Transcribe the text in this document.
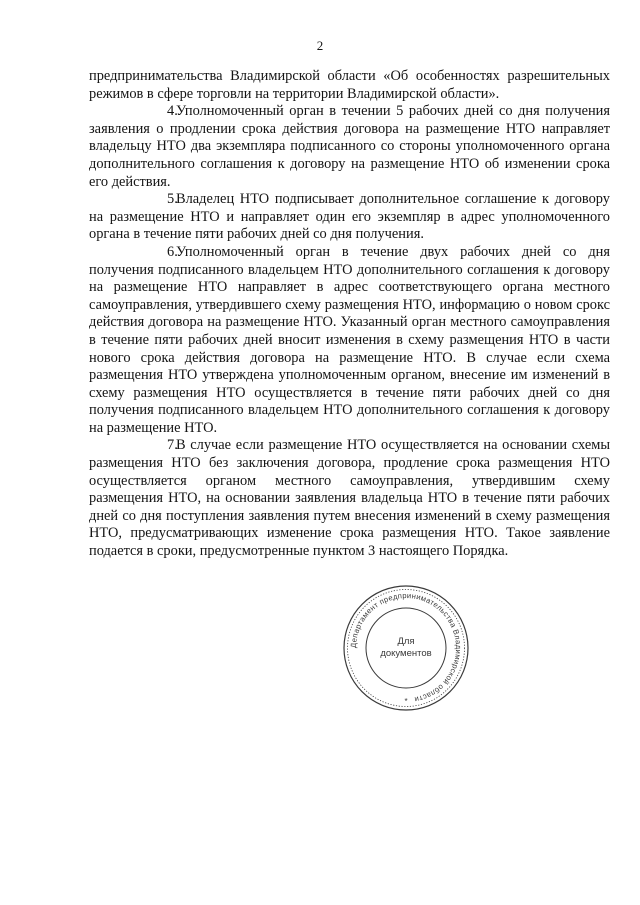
2

предпринимательства Владимирской области «Об особенностях разрешительных режимов в сфере торговли на территории Владимирской области».

4.Уполномоченный орган в течении 5 рабочих дней со дня получения заявления о продлении срока действия договора на размещение НТО направляет владельцу НТО два экземпляра подписанного со стороны уполномоченного органа дополнительного соглашения к договору на размещение НТО об изменении срока его действия.

5.Владелец НТО подписывает дополнительное соглашение к договору на размещение НТО и направляет один его экземпляр в адрес уполномоченного органа в течение пяти рабочих дней со дня получения.

6.Уполномоченный орган в течение двух рабочих дней со дня получения подписанного владельцем НТО дополнительного соглашения к договору на размещение НТО направляет в адрес соответствующего органа местного самоуправления, утвердившего схему размещения НТО, информацию о новом срокс действия договора на размещение НТО. Указанный орган местного самоуправления в течение пяти рабочих дней вносит изменения в схему размещения НТО в части нового срока действия договора на размещение НТО. В случае если схема размещения НТО утверждена уполномоченным органом, внесение им изменений в схему размещения НТО осуществляется в течение пяти рабочих дней со дня получения подписанного владельцем НТО дополнительного соглашения к договору на размещение НТО.

7.В случае если размещение НТО осуществляется на основании схемы размещения НТО без заключения договора, продление срока размещения НТО осуществляется органом местного самоуправления, утвердившим схему размещения НТО, на основании заявления владельца НТО в течение пяти рабочих дней со дня поступления заявления путем внесения изменений в схему размещения НТО, предусматривающих изменение срока размещения НТО. Такое заявление подается в сроки, предусмотренные пунктом 3 настоящего Порядка.

Департамент предпринимательства Владимирской области
Для
документов
*
